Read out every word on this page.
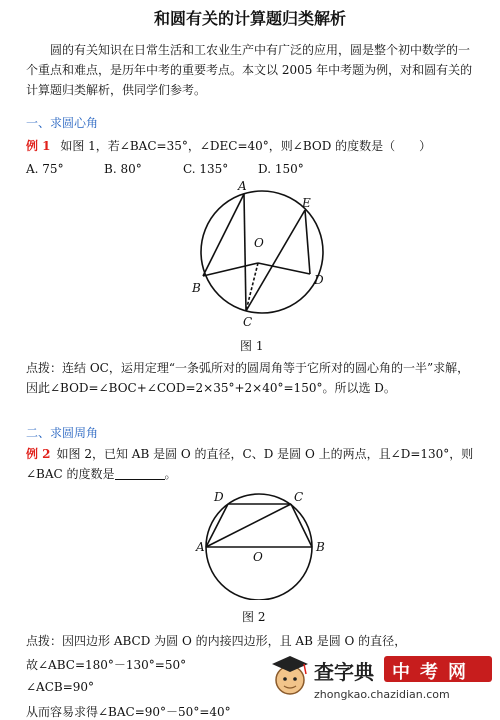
和圆有关的计算题归类解析
圆的有关知识在日常生活和工农业生产中有广泛的应用，圆是整个初中数学的一个重点和难点，是历年中考的重要考点。本文以 2005 年中考题为例，对和圆有关的计算题归类解析，供同学们参考。
一、求圆心角
例 1 如图 1，若∠BAC=35°，∠DEC=40°，则∠BOD 的度数是（　　）
A. 75°	B. 80°	C. 135° D. 150°
A
E
O
B
D
C
图 1
点拨：连结 OC，运用定理“一条弧所对的圆周角等于它所对的圆心角的一半”求解，因此∠BOD=∠BOC+∠COD=2×35°+2×40°=150°。所以选 D。
二、求圆周角
例 2 如图 2，已知 AB 是圆 O 的直径，C、D 是圆 O 上的两点，且∠D=130°，则∠BAC 的度数是	。
D	C
A
O
B
图 2
点拨：因四边形 ABCD 为圆 O 的内接四边形，且 AB 是圆 O 的直径，
故∠ABC=180°－130°=50°
∠ACB=90°
从而容易求得∠BAC=90°－50°=40°
查字典 中考网
zhongkao.chazidian.com
